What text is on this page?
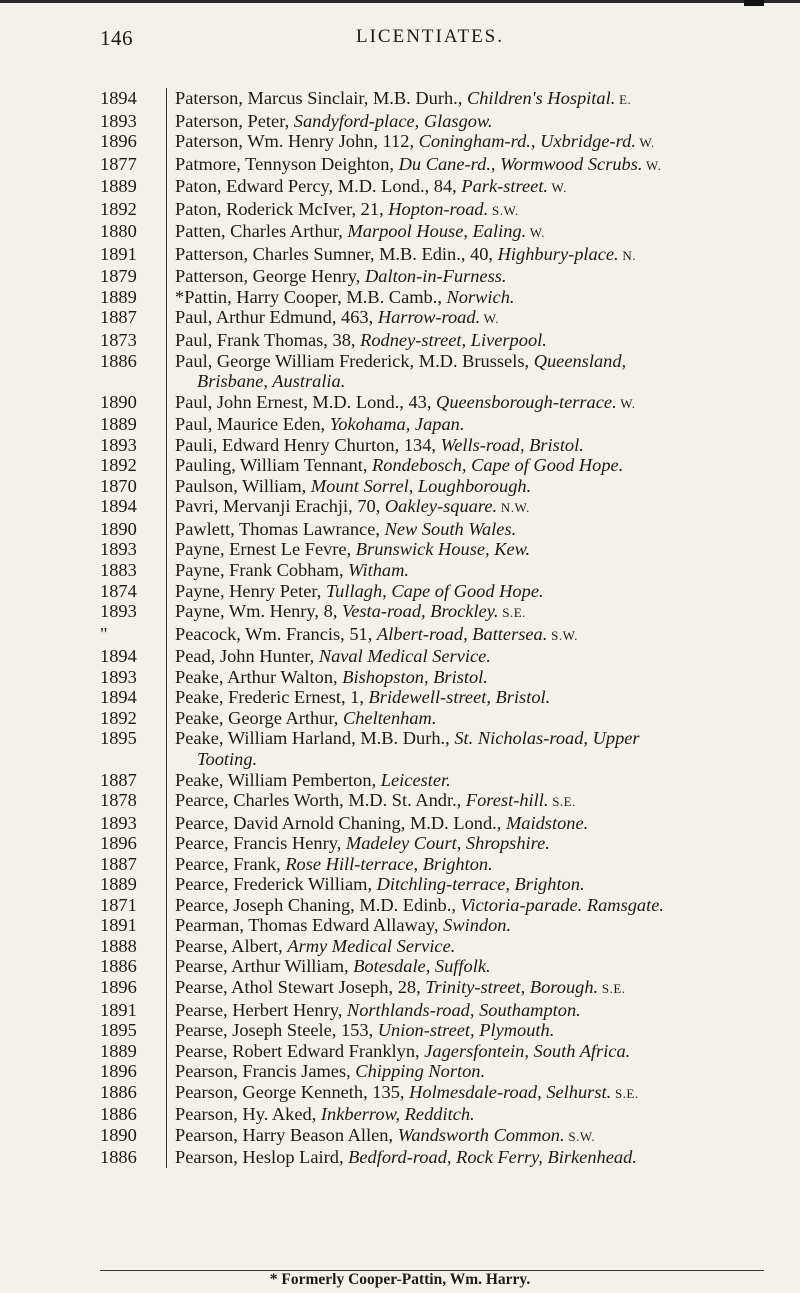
146	LICENTIATES.
1894	Paterson, Marcus Sinclair, M.B. Durh., Children's Hospital. E.
1893	Paterson, Peter, Sandyford-place, Glasgow.
1896	Paterson, Wm. Henry John, 112, Coningham-rd., Uxbridge-rd. W.
1877	Patmore, Tennyson Deighton, Du Cane-rd., Wormwood Scrubs. W.
1889	Paton, Edward Percy, M.D. Lond., 84, Park-street. W.
1892	Paton, Roderick McIver, 21, Hopton-road. S.W.
1880	Patten, Charles Arthur, Marpool House, Ealing. W.
1891	Patterson, Charles Sumner, M.B. Edin., 40, Highbury-place. N.
1879	Patterson, George Henry, Dalton-in-Furness.
1889	*Pattin, Harry Cooper, M.B. Camb., Norwich.
1887	Paul, Arthur Edmund, 463, Harrow-road. W.
1873	Paul, Frank Thomas, 38, Rodney-street, Liverpool.
1886	Paul, George William Frederick, M.D. Brussels, Queensland,
Brisbane, Australia.
1890	Paul, John Ernest, M.D. Lond., 43, Queensborough-terrace. W.
1889	Paul, Maurice Eden, Yokohama, Japan.
1893	Pauli, Edward Henry Churton, 134, Wells-road, Bristol.
1892	Pauling, William Tennant, Rondebosch, Cape of Good Hope.
1870	Paulson, William, Mount Sorrel, Loughborough.
1894	Pavri, Mervanji Erachji, 70, Oakley-square. N.W.
1890	Pawlett, Thomas Lawrance, New South Wales.
1893	Payne, Ernest Le Fevre, Brunswick House, Kew.
1883	Payne, Frank Cobham, Witham.
1874	Payne, Henry Peter, Tullagh, Cape of Good Hope.
1893	Payne, Wm. Henry, 8, Vesta-road, Brockley. S.E.
"	Peacock, Wm. Francis, 51, Albert-road, Battersea. S.W.
1894	Pead, John Hunter, Naval Medical Service.
1893	Peake, Arthur Walton, Bishopston, Bristol.
1894	Peake, Frederic Ernest, 1, Bridewell-street, Bristol.
1892	Peake, George Arthur, Cheltenham.
1895	Peake, William Harland, M.B. Durh., St. Nicholas-road, Upper
Tooting.
1887	Peake, William Pemberton, Leicester.
1878	Pearce, Charles Worth, M.D. St. Andr., Forest-hill. S.E.
1893	Pearce, David Arnold Chaning, M.D. Lond., Maidstone.
1896	Pearce, Francis Henry, Madeley Court, Shropshire.
1887	Pearce, Frank, Rose Hill-terrace, Brighton.
1889	Pearce, Frederick William, Ditchling-terrace, Brighton.
1871	Pearce, Joseph Chaning, M.D. Edinb., Victoria-parade. Ramsgate.
1891	Pearman, Thomas Edward Allaway, Swindon.
1888	Pearse, Albert, Army Medical Service.
1886	Pearse, Arthur William, Botesdale, Suffolk.
1896	Pearse, Athol Stewart Joseph, 28, Trinity-street, Borough. S.E.
1891	Pearse, Herbert Henry, Northlands-road, Southampton.
1895	Pearse, Joseph Steele, 153, Union-street, Plymouth.
1889	Pearse, Robert Edward Franklyn, Jagersfontein, South Africa.
1896	Pearson, Francis James, Chipping Norton.
1886	Pearson, George Kenneth, 135, Holmesdale-road, Selhurst. S.E.
1886	Pearson, Hy. Aked, Inkberrow, Redditch.
1890	Pearson, Harry Beason Allen, Wandsworth Common. S.W.
1886	Pearson, Heslop Laird, Bedford-road, Rock Ferry, Birkenhead.
* Formerly Cooper-Pattin, Wm. Harry.
